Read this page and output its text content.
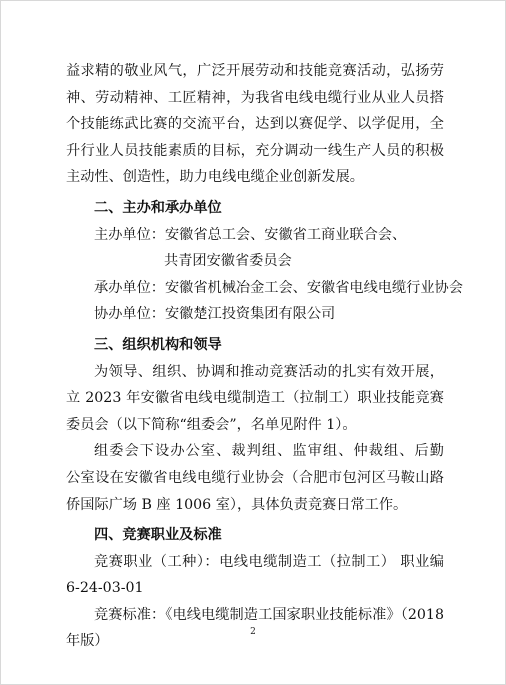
益求精的敬业风气，广泛开展劳动和技能竞赛活动，弘扬劳
神、劳动精神、工匠精神，为我省电线电缆行业从业人员搭
个技能练武比赛的交流平台，达到以赛促学、以学促用，全
升行业人员技能素质的目标，充分调动一线生产人员的积极
主动性、创造性，助力电线电缆企业创新发展。
二、主办和承办单位
主办单位：安徽省总工会、安徽省工商业联合会、
共青团安徽省委员会
承办单位：安徽省机械冶金工会、安徽省电线电缆行业协会
协办单位：安徽楚江投资集团有限公司
三、组织机构和领导
为领导、组织、协调和推动竞赛活动的扎实有效开展，
立 2023 年安徽省电线电缆制造工（拉制工）职业技能竞赛
委员会（以下简称“组委会”，名单见附件 1）。
组委会下设办公室、裁判组、监审组、仲裁组、后勤
公室设在安徽省电线电缆行业协会（合肥市包河区马鞍山路
侨国际广场 B 座 1006 室），具体负责竞赛日常工作。
四、竞赛职业及标准
竞赛职业（工种）：电线电缆制造工（拉制工） 职业编
6-24-03-01
竞赛标准：《电线电缆制造工国家职业技能标准》（2018
年版）
2
